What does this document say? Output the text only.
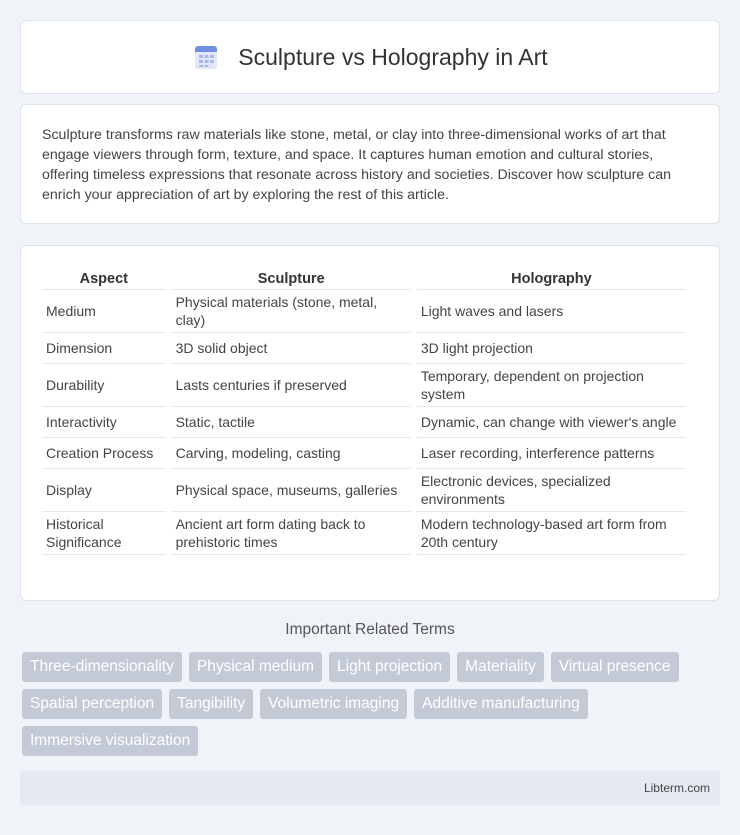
Sculpture vs Holography in Art

Sculpture transforms raw materials like stone, metal, or clay into three-dimensional works of art that engage viewers through form, texture, and space. It captures human emotion and cultural stories, offering timeless expressions that resonate across history and societies. Discover how sculpture can enrich your appreciation of art by exploring the rest of this article.

Aspect	Sculpture	Holography
Medium	Physical materials (stone, metal, clay)	Light waves and lasers
Dimension	3D solid object	3D light projection
Durability	Lasts centuries if preserved	Temporary, dependent on projection system
Interactivity	Static, tactile	Dynamic, can change with viewer's angle
Creation Process	Carving, modeling, casting	Laser recording, interference patterns
Display	Physical space, museums, galleries	Electronic devices, specialized environments
Historical Significance	Ancient art form dating back to prehistoric times	Modern technology-based art form from 20th century
Important Related Terms
Three-dimensionality	Physical medium	Light projection	Materiality	Virtual presence
Spatial perception	Tangibility	Volumetric imaging	Additive manufacturing
Immersive visualization
Libterm.com
